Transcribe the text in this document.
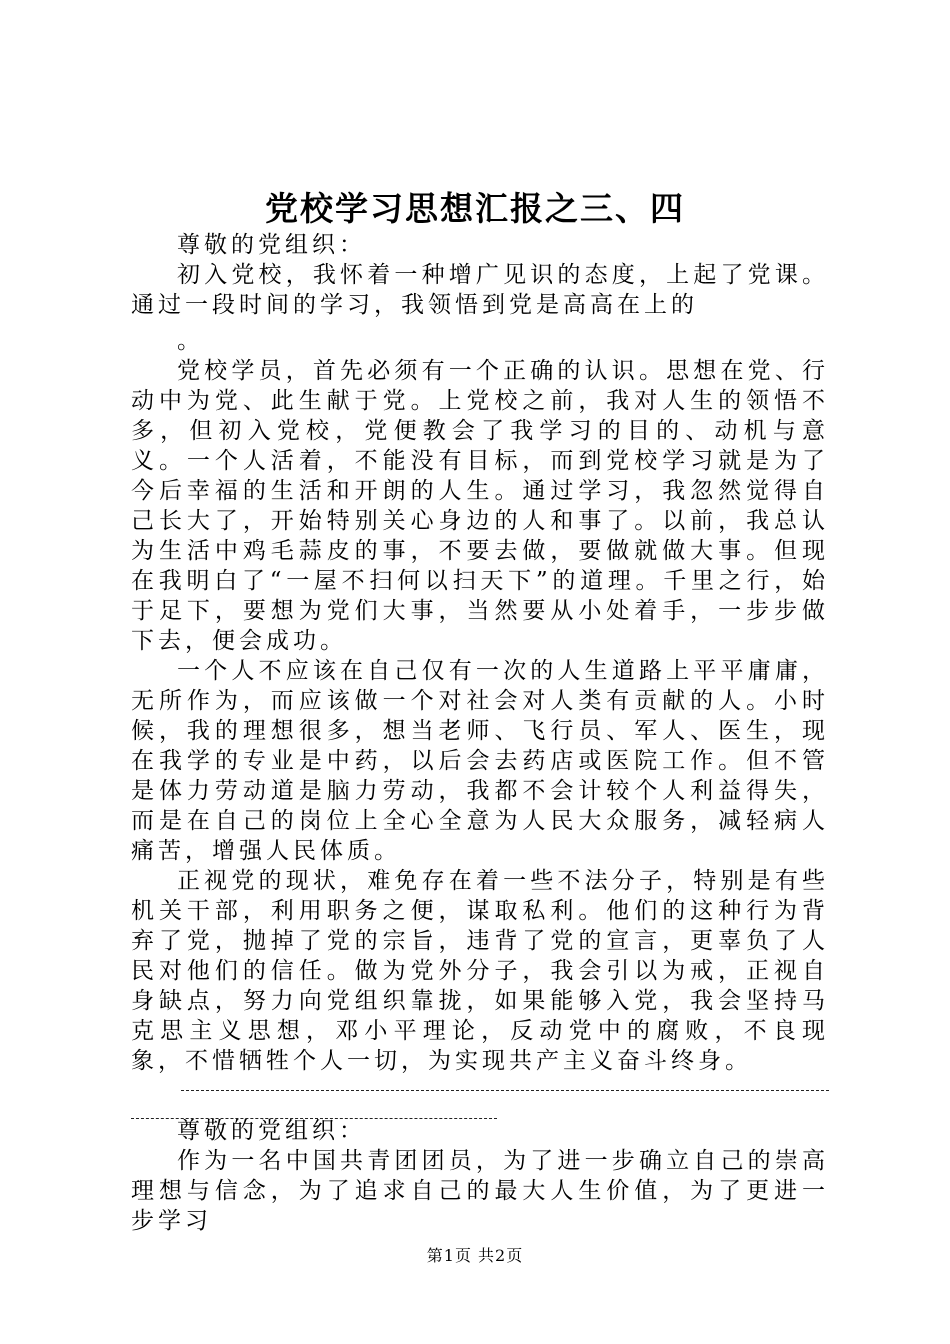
党校学习思想汇报之三、四

尊敬的党组织：

初入党校，我怀着一种增广见识的态度，上起了党课。通过一段时间的学习，我领悟到党是高高在上的

。

党校学员，首先必须有一个正确的认识。思想在党、行动中为党、此生献于党。上党校之前，我对人生的领悟不多，但初入党校，党便教会了我学习的目的、动机与意义。一个人活着，不能没有目标，而到党校学习就是为了今后幸福的生活和开朗的人生。通过学习，我忽然觉得自己长大了，开始特别关心身边的人和事了。以前，我总认为生活中鸡毛蒜皮的事，不要去做，要做就做大事。但现在我明白了“一屋不扫何以扫天下”的道理。千里之行，始于足下，要想为党们大事，当然要从小处着手，一步步做下去，便会成功。

一个人不应该在自己仅有一次的人生道路上平平庸庸，无所作为，而应该做一个对社会对人类有贡献的人。小时候，我的理想很多，想当老师、飞行员、军人、医生，现在我学的专业是中药，以后会去药店或医院工作。但不管是体力劳动道是脑力劳动，我都不会计较个人利益得失，而是在自己的岗位上全心全意为人民大众服务，减轻病人痛苦，增强人民体质。

正视党的现状，难免存在着一些不法分子，特别是有些机关干部，利用职务之便，谋取私利。他们的这种行为背弃了党，抛掉了党的宗旨，违背了党的宣言，更辜负了人民对他们的信任。做为党外分子，我会引以为戒，正视自身缺点，努力向党组织靠拢，如果能够入党，我会坚持马克思主义思想，邓小平理论，反动党中的腐败，不良现象，不惜牺牲个人一切，为实现共产主义奋斗终身。

尊敬的党组织：

作为一名中国共青团团员，为了进一步确立自己的崇高理想与信念，为了追求自己的最大人生价值，为了更进一步学习

第1页 共2页
